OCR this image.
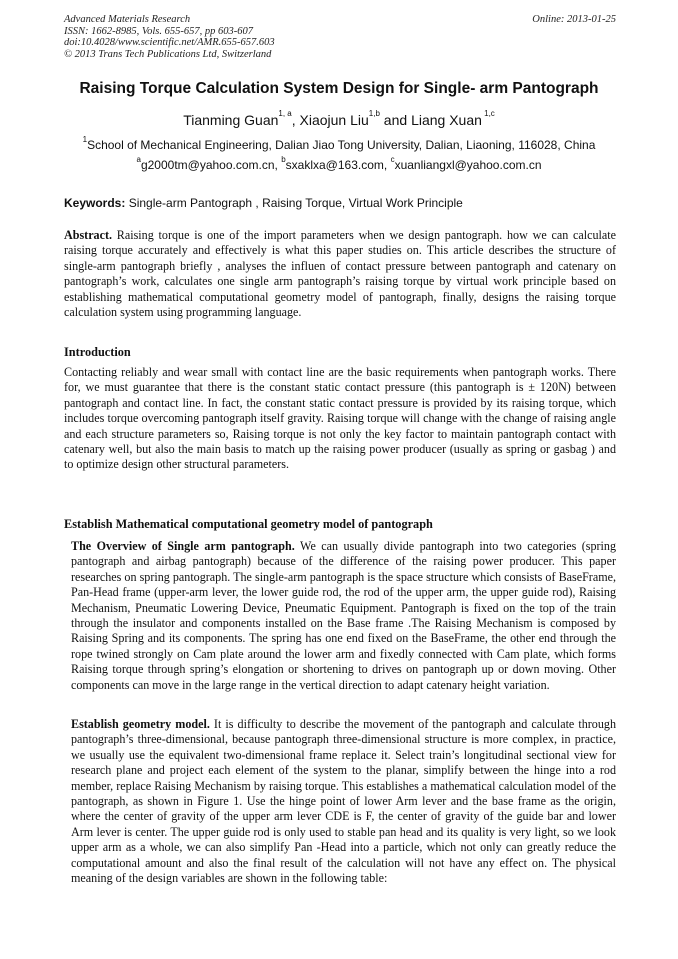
Advanced Materials Research
ISSN: 1662-8985, Vols. 655-657, pp 603-607
doi:10.4028/www.scientific.net/AMR.655-657.603
© 2013 Trans Tech Publications Ltd, Switzerland
Online: 2013-01-25
Raising Torque Calculation System Design for Single- arm Pantograph
Tianming Guan$^{1, a}$, Xiaojun Liu$^{1,b}$ and Liang Xuan $^{1,c}$
$^1$School of Mechanical Engineering, Dalian Jiao Tong University, Dalian, Liaoning, 116028, China
$^a$g2000tm@yahoo.com.cn, $^b$sxaklxa@163.com, $^c$xuanliangxl@yahoo.com.cn
Keywords: Single-arm Pantograph , Raising Torque, Virtual Work Principle

Abstract. Raising torque is one of the import parameters when we design pantograph. how we can calculate raising torque accurately and effectively is what this paper studies on. This article describes the structure of single-arm pantograph briefly , analyses the influen of contact pressure between pantograph and catenary on pantograph’s work, calculates one single arm pantograph’s raising torque by virtual work principle based on establishing mathematical computational geometry model of pantograph, finally, designs the raising torque calculation system using programming language.

Introduction

Contacting reliably and wear small with contact line are the basic requirements when pantograph works. There for, we must guarantee that there is the constant static contact pressure (this pantograph is ± 120N) between pantograph and contact line. In fact, the constant static contact pressure is provided by its raising torque, which includes torque overcoming pantograph itself gravity. Raising torque will change with the change of raising angle and each structure parameters so, Raising torque is not only the key factor to maintain pantograph contact with catenary well, but also the main basis to match up the raising power producer (usually as spring or gasbag ) and to optimize design other structural parameters.

Establish Mathematical computational geometry model of pantograph

The Overview of Single arm pantograph. We can usually divide pantograph into two categories (spring pantograph and airbag pantograph) because of the difference of the raising power producer. This paper researches on spring pantograph. The single-arm pantograph is the space structure which consists of BaseFrame, Pan-Head frame (upper-arm lever, the lower guide rod, the rod of the upper arm, the upper guide rod), Raising Mechanism, Pneumatic Lowering Device, Pneumatic Equipment. Pantograph is fixed on the top of the train through the insulator and components installed on the Base frame .The Raising Mechanism is composed by Raising Spring and its components. The spring has one end fixed on the BaseFrame, the other end through the rope twined strongly on Cam plate around the lower arm and fixedly connected with Cam plate, which forms Raising torque through spring’s elongation or shortening to drives on pantograph up or down moving. Other components can move in the large range in the vertical direction to adapt catenary height variation.

Establish geometry model. It is difficulty to describe the movement of the pantograph and calculate through pantograph’s three-dimensional, because pantograph three-dimensional structure is more complex, in practice, we usually use the equivalent two-dimensional frame replace it. Select train’s longitudinal sectional view for research plane and project each element of the system to the planar, simplify between the hinge into a rod member, replace Raising Mechanism by raising torque. This establishes a mathematical calculation model of the pantograph, as shown in Figure 1. Use the hinge point of lower Arm lever and the base frame as the origin, where the center of gravity of the upper arm lever CDE is F, the center of gravity of the guide bar and lower Arm lever is center. The upper guide rod is only used to stable pan head and its quality is very light, so we look upper arm as a whole, we can also simplify Pan -Head into a particle, which not only can greatly reduce the computational amount and also the final result of the calculation will not have any effect on. The physical meaning of the design variables are shown in the following table:
